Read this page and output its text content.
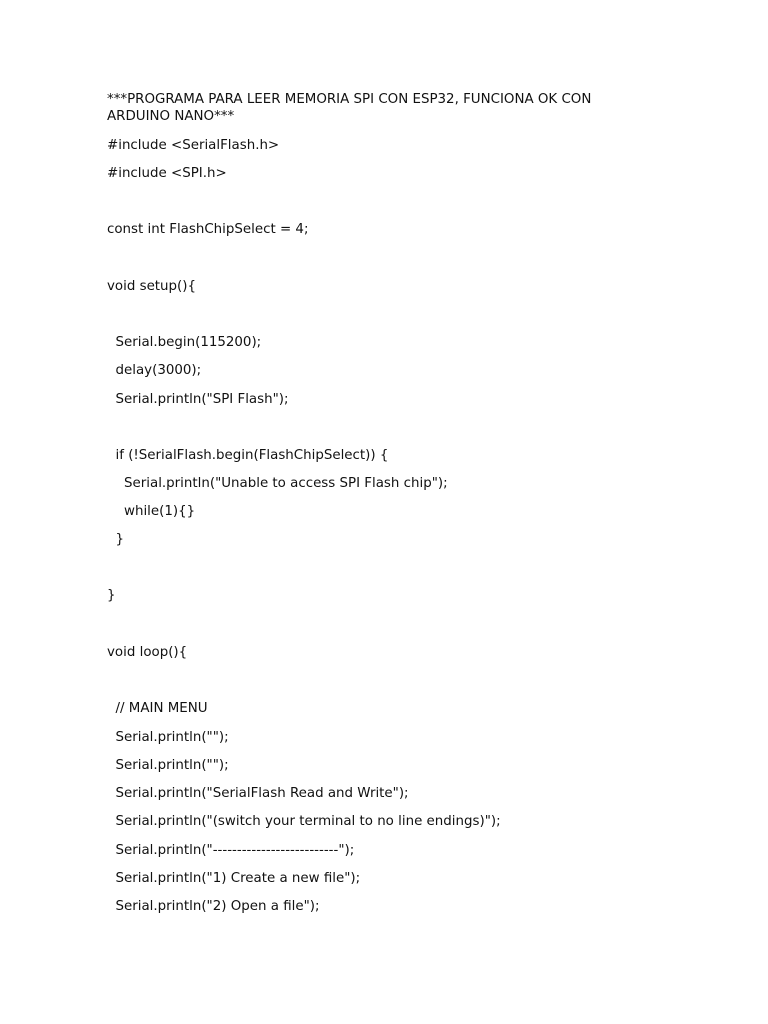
***PROGRAMA PARA LEER MEMORIA SPI CON ESP32, FUNCIONA OK CON ARDUINO NANO***

#include <SerialFlash.h>

#include <SPI.h>

const int FlashChipSelect = 4;

void setup(){

Serial.begin(115200);

delay(3000);

Serial.println("SPI Flash");

if (!SerialFlash.begin(FlashChipSelect)) {

Serial.println("Unable to access SPI Flash chip");

while(1){}

}

}

void loop(){

// MAIN MENU

Serial.println("");

Serial.println("");

Serial.println("SerialFlash Read and Write");

Serial.println("(switch your terminal to no line endings)");

Serial.println("--------------------------");

Serial.println("1) Create a new file");

Serial.println("2) Open a file");
